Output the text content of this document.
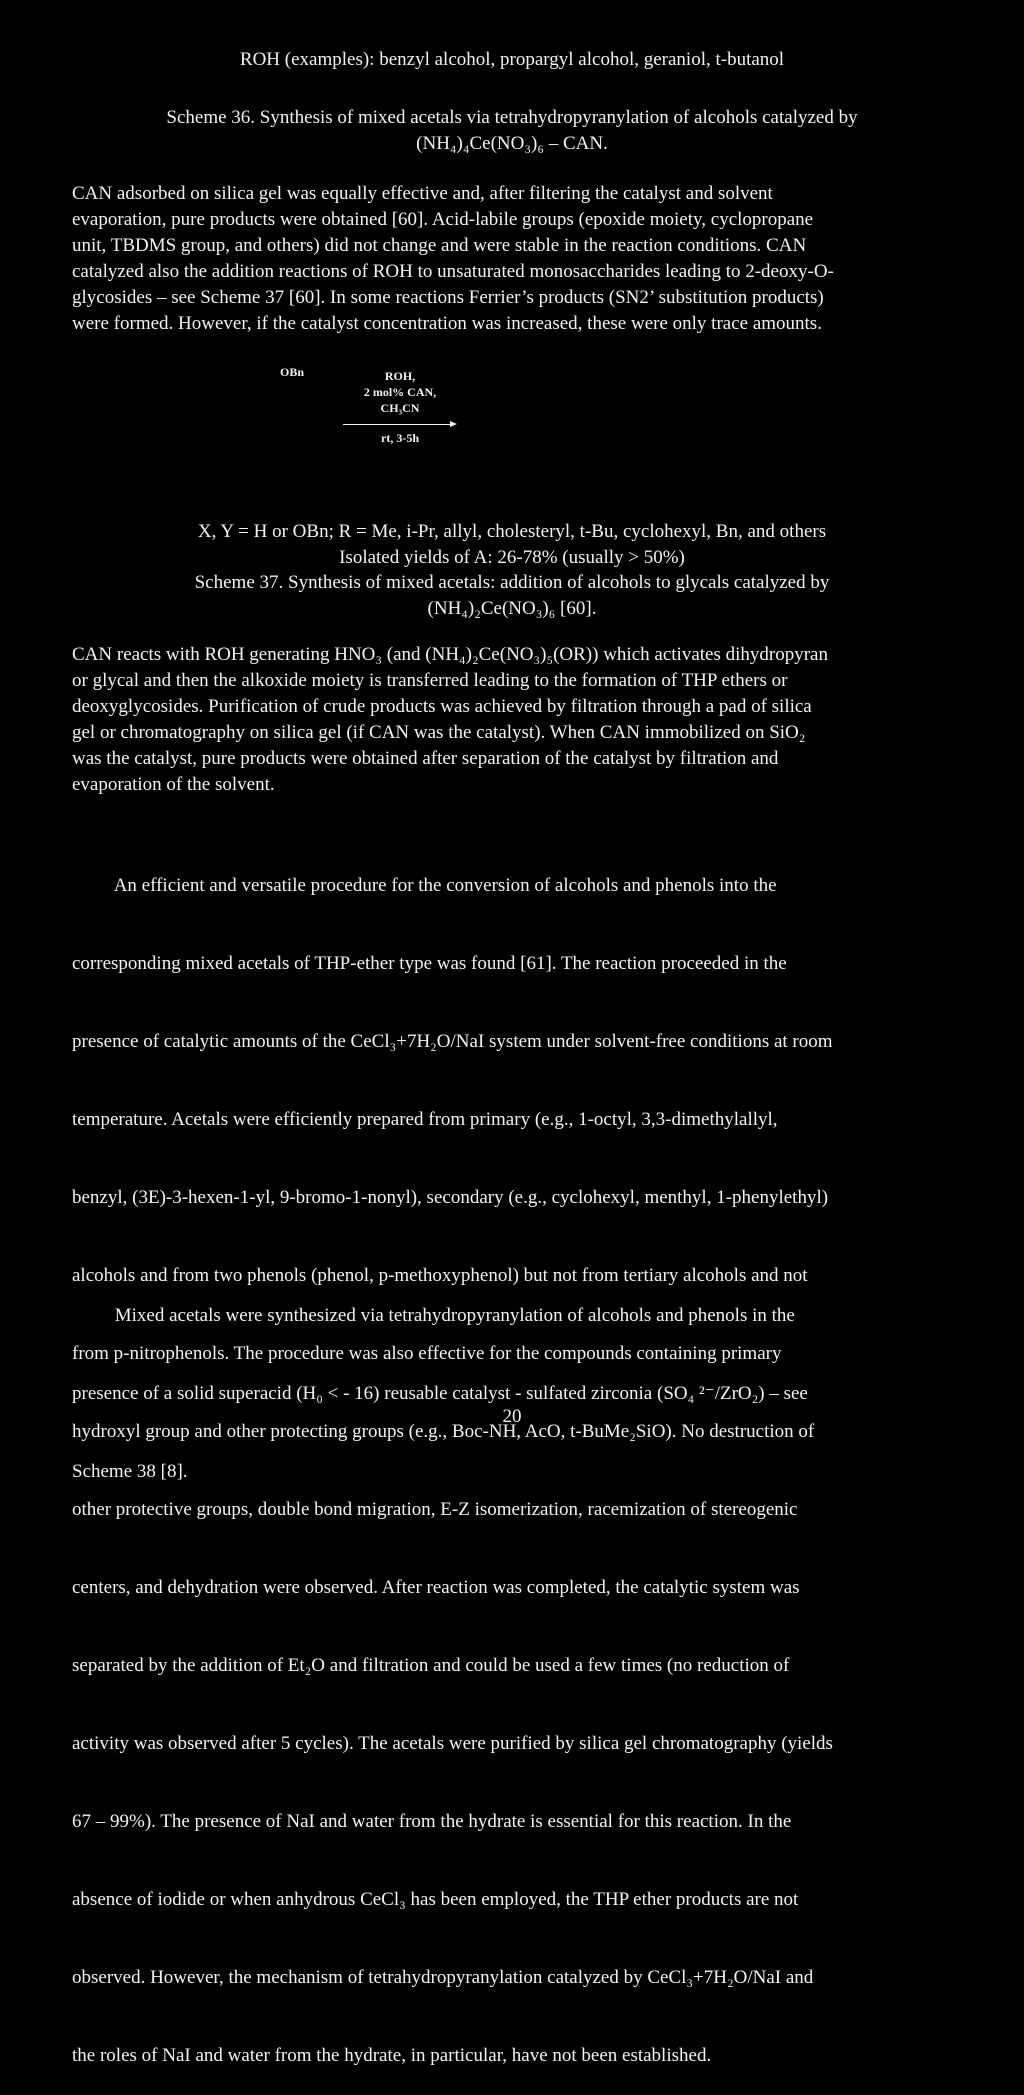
ROH (examples): benzyl alcohol, propargyl alcohol, geraniol, t-butanol
Scheme 36. Synthesis of mixed acetals via tetrahydropyranylation of alcohols catalyzed by
(NH₄)₄Ce(NO₃)₆ – CAN.
CAN adsorbed on silica gel was equally effective and, after filtering the catalyst and solvent
evaporation, pure products were obtained [60]. Acid-labile groups (epoxide moiety, cyclopropane
unit, TBDMS group, and others) did not change and were stable in the reaction conditions. CAN
catalyzed also the addition reactions of ROH to unsaturated monosaccharides leading to 2-deoxy-O-
glycosides – see Scheme 37 [60]. In some reactions Ferrier’s products (SN2’ substitution products)
were formed. However, if the catalyst concentration was increased, these were only trace amounts.
OBn	ROH,
2 mol% CAN,
CH₃CN
rt, 3-5h
X, Y = H or OBn; R = Me, i-Pr, allyl, cholesteryl, t-Bu, cyclohexyl, Bn, and others
Isolated yields of A: 26-78% (usually > 50%)
Scheme 37. Synthesis of mixed acetals: addition of alcohols to glycals catalyzed by
(NH₄)₂Ce(NO₃)₆ [60].
CAN reacts with ROH generating HNO₃ (and (NH₄)₂Ce(NO₃)₅(OR)) which activates dihydropyran
or glycal and then the alkoxide moiety is transferred leading to the formation of THP ethers or
deoxyglycosides. Purification of crude products was achieved by filtration through a pad of silica
gel or chromatography on silica gel (if CAN was the catalyst). When CAN immobilized on SiO₂
was the catalyst, pure products were obtained after separation of the catalyst by filtration and
evaporation of the solvent.

An efficient and versatile procedure for the conversion of alcohols and phenols into the

corresponding mixed acetals of THP-ether type was found [61]. The reaction proceeded in the

presence of catalytic amounts of the CeCl₃+7H₂O/NaI system under solvent-free conditions at room

temperature. Acetals were efficiently prepared from primary (e.g., 1-octyl, 3,3-dimethylallyl,

benzyl, (3E)-3-hexen-1-yl, 9-bromo-1-nonyl), secondary (e.g., cyclohexyl, menthyl, 1-phenylethyl)

alcohols and from two phenols (phenol, p-methoxyphenol) but not from tertiary alcohols and not

from p-nitrophenols. The procedure was also effective for the compounds containing primary

hydroxyl group and other protecting groups (e.g., Boc-NH, AcO, t-BuMe₂SiO). No destruction of

other protective groups, double bond migration, E-Z isomerization, racemization of stereogenic

centers, and dehydration were observed. After reaction was completed, the catalytic system was

separated by the addition of Et₂O and filtration and could be used a few times (no reduction of

activity was observed after 5 cycles). The acetals were purified by silica gel chromatography (yields

67 – 99%). The presence of NaI and water from the hydrate is essential for this reaction. In the

absence of iodide or when anhydrous CeCl₃ has been employed, the THP ether products are not

observed. However, the mechanism of tetrahydropyranylation catalyzed by CeCl₃+7H₂O/NaI and

the roles of NaI and water from the hydrate, in particular, have not been established.

Mixed acetals were synthesized via tetrahydropyranylation of alcohols and phenols in the

presence of a solid superacid (H₀ < - 16) reusable catalyst - sulfated zirconia (SO₄ ²⁻/ZrO₂) – see

Scheme 38 [8].

20
